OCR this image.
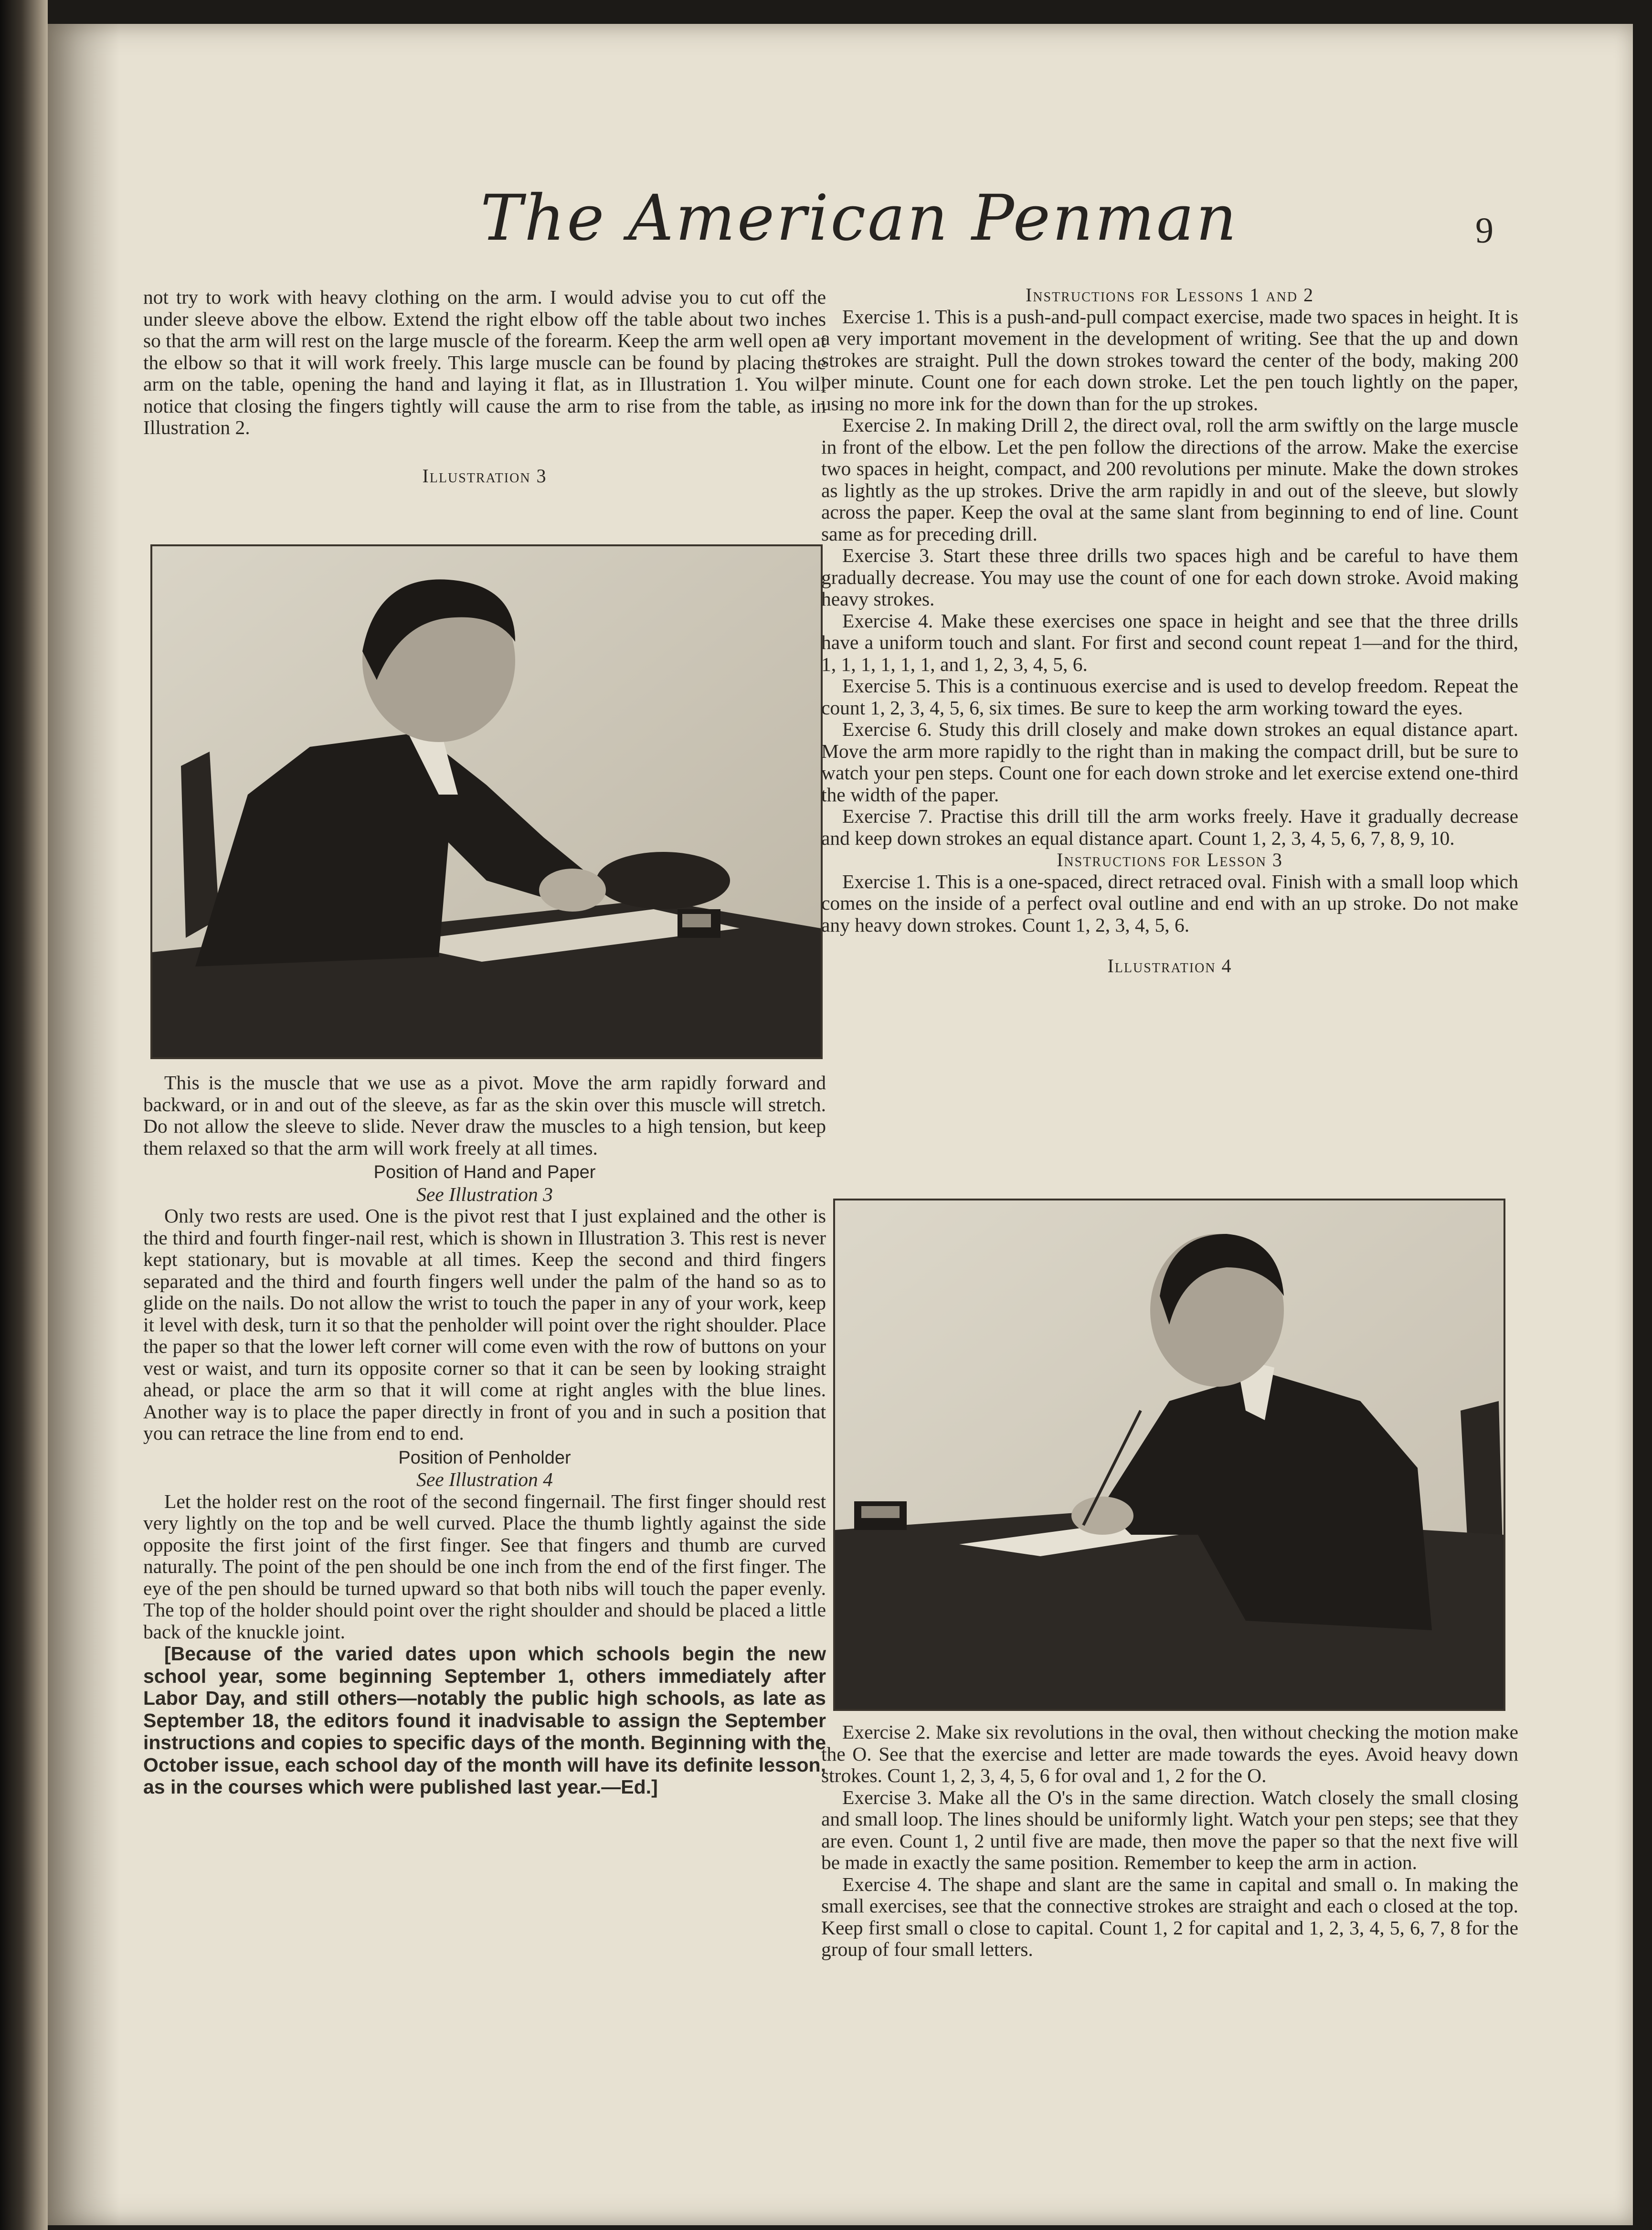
The American Penman	9

not try to work with heavy clothing on the arm. I would advise you to cut off the under sleeve above the elbow. Extend the right elbow off the table about two inches so that the arm will rest on the large muscle of the forearm. Keep the arm well open at the elbow so that it will work freely. This large muscle can be found by placing the arm on the table, opening the hand and laying it flat, as in Illustration 1. You will notice that closing the fingers tightly will cause the arm to rise from the table, as in Illustration 2.

Illustration 3

This is the muscle that we use as a pivot. Move the arm rapidly forward and backward, or in and out of the sleeve, as far as the skin over this muscle will stretch. Do not allow the sleeve to slide. Never draw the muscles to a high tension, but keep them relaxed so that the arm will work freely at all times.

Position of Hand and Paper

See Illustration 3

Only two rests are used. One is the pivot rest that I just explained and the other is the third and fourth finger-nail rest, which is shown in Illustration 3. This rest is never kept stationary, but is movable at all times. Keep the second and third fingers separated and the third and fourth fingers well under the palm of the hand so as to glide on the nails. Do not allow the wrist to touch the paper in any of your work, keep it level with desk, turn it so that the penholder will point over the right shoulder. Place the paper so that the lower left corner will come even with the row of buttons on your vest or waist, and turn its opposite corner so that it can be seen by looking straight ahead, or place the arm so that it will come at right angles with the blue lines. Another way is to place the paper directly in front of you and in such a position that you can retrace the line from end to end.

Position of Penholder

See Illustration 4

Let the holder rest on the root of the second fingernail. The first finger should rest very lightly on the top and be well curved. Place the thumb lightly against the side opposite the first joint of the first finger. See that fingers and thumb are curved naturally. The point of the pen should be one inch from the end of the first finger. The eye of the pen should be turned upward so that both nibs will touch the paper evenly. The top of the holder should point over the right shoulder and should be placed a little back of the knuckle joint.

[Because of the varied dates upon which schools begin the new school year, some beginning September 1, others immediately after Labor Day, and still others—notably the public high schools, as late as September 18, the editors found it inadvisable to assign the September instructions and copies to specific days of the month. Beginning with the October issue, each school day of the month will have its definite lesson, as in the courses which were published last year.—Ed.]

Instructions for Lessons 1 and 2

Exercise 1. This is a push-and-pull compact exercise, made two spaces in height. It is a very important movement in the development of writing. See that the up and down strokes are straight. Pull the down strokes toward the center of the body, making 200 per minute. Count one for each down stroke. Let the pen touch lightly on the paper, using no more ink for the down than for the up strokes.

Exercise 2. In making Drill 2, the direct oval, roll the arm swiftly on the large muscle in front of the elbow. Let the pen follow the directions of the arrow. Make the exercise two spaces in height, compact, and 200 revolutions per minute. Make the down strokes as lightly as the up strokes. Drive the arm rapidly in and out of the sleeve, but slowly across the paper. Keep the oval at the same slant from beginning to end of line. Count same as for preceding drill.

Exercise 3. Start these three drills two spaces high and be careful to have them gradually decrease. You may use the count of one for each down stroke. Avoid making heavy strokes.

Exercise 4. Make these exercises one space in height and see that the three drills have a uniform touch and slant. For first and second count repeat 1—and for the third, 1, 1, 1, 1, 1, 1, and 1, 2, 3, 4, 5, 6.

Exercise 5. This is a continuous exercise and is used to develop freedom. Repeat the count 1, 2, 3, 4, 5, 6, six times. Be sure to keep the arm working toward the eyes.

Exercise 6. Study this drill closely and make down strokes an equal distance apart. Move the arm more rapidly to the right than in making the compact drill, but be sure to watch your pen steps. Count one for each down stroke and let exercise extend one-third the width of the paper.

Exercise 7. Practise this drill till the arm works freely. Have it gradually decrease and keep down strokes an equal distance apart. Count 1, 2, 3, 4, 5, 6, 7, 8, 9, 10.

Instructions for Lesson 3

Exercise 1. This is a one-spaced, direct retraced oval. Finish with a small loop which comes on the inside of a perfect oval outline and end with an up stroke. Do not make any heavy down strokes. Count 1, 2, 3, 4, 5, 6.

Illustration 4

Exercise 2. Make six revolutions in the oval, then without checking the motion make the O. See that the exercise and letter are made towards the eyes. Avoid heavy down strokes. Count 1, 2, 3, 4, 5, 6 for oval and 1, 2 for the O.

Exercise 3. Make all the O's in the same direction. Watch closely the small closing and small loop. The lines should be uniformly light. Watch your pen steps; see that they are even. Count 1, 2 until five are made, then move the paper so that the next five will be made in exactly the same position. Remember to keep the arm in action.

Exercise 4. The shape and slant are the same in capital and small o. In making the small exercises, see that the connective strokes are straight and each o closed at the top. Keep first small o close to capital. Count 1, 2 for capital and 1, 2, 3, 4, 5, 6, 7, 8 for the group of four small letters.
